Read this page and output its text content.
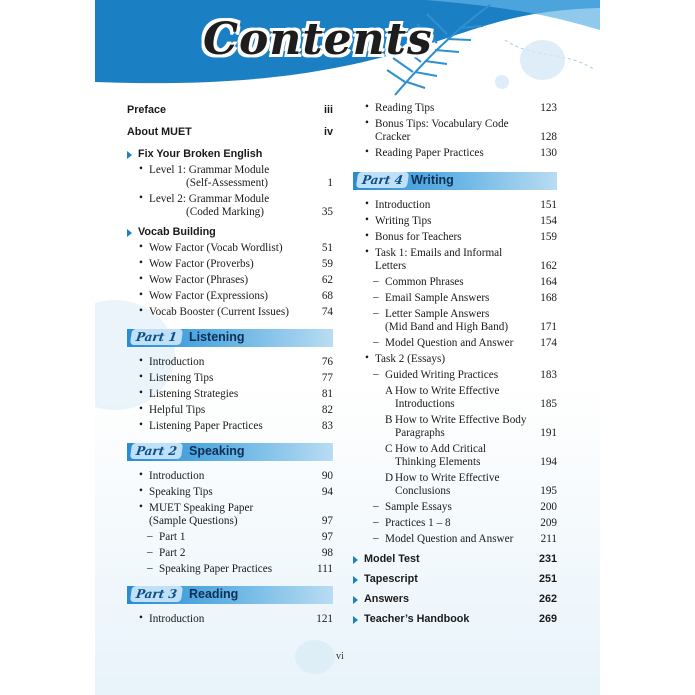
Contents
Preface	iii
About MUET	iv
Fix Your Broken English
• Level 1: Grammar Module
(Self-Assessment)	1
• Level 2: Grammar Module
(Coded Marking)	35
Vocab Building
• Wow Factor (Vocab Wordlist)	51
• Wow Factor (Proverbs)	59
• Wow Factor (Phrases)	62
• Wow Factor (Expressions)	68
• Vocab Booster (Current Issues)	74
Part 1 Listening
• Introduction	76
• Listening Tips	77
• Listening Strategies	81
• Helpful Tips	82
• Listening Paper Practices	83
Part 2 Speaking
• Introduction	90
• Speaking Tips	94
• MUET Speaking Paper
(Sample Questions)	97
– Part 1	97
– Part 2	98
– Speaking Paper Practices	111
Part 3 Reading
• Introduction	121
• Reading Tips	123
• Bonus Tips: Vocabulary Code
Cracker	128
• Reading Paper Practices	130
Part 4 Writing
• Introduction	151
• Writing Tips	154
• Bonus for Teachers	159
• Task 1: Emails and Informal Letters	162
– Common Phrases	164
– Email Sample Answers	168
– Letter Sample Answers
(Mid Band and High Band)	171
– Model Question and Answer	174
• Task 2 (Essays)
– Guided Writing Practices	183
A How to Write Effective
Introductions	185
B How to Write Effective Body
Paragraphs	191
C How to Add Critical
Thinking Elements	194
D How to Write Effective
Conclusions	195
– Sample Essays	200
– Practices 1 – 8	209
– Model Question and Answer	211
Model Test	231
Tapescript	251
Answers	262
Teacher’s Handbook	269
vi
